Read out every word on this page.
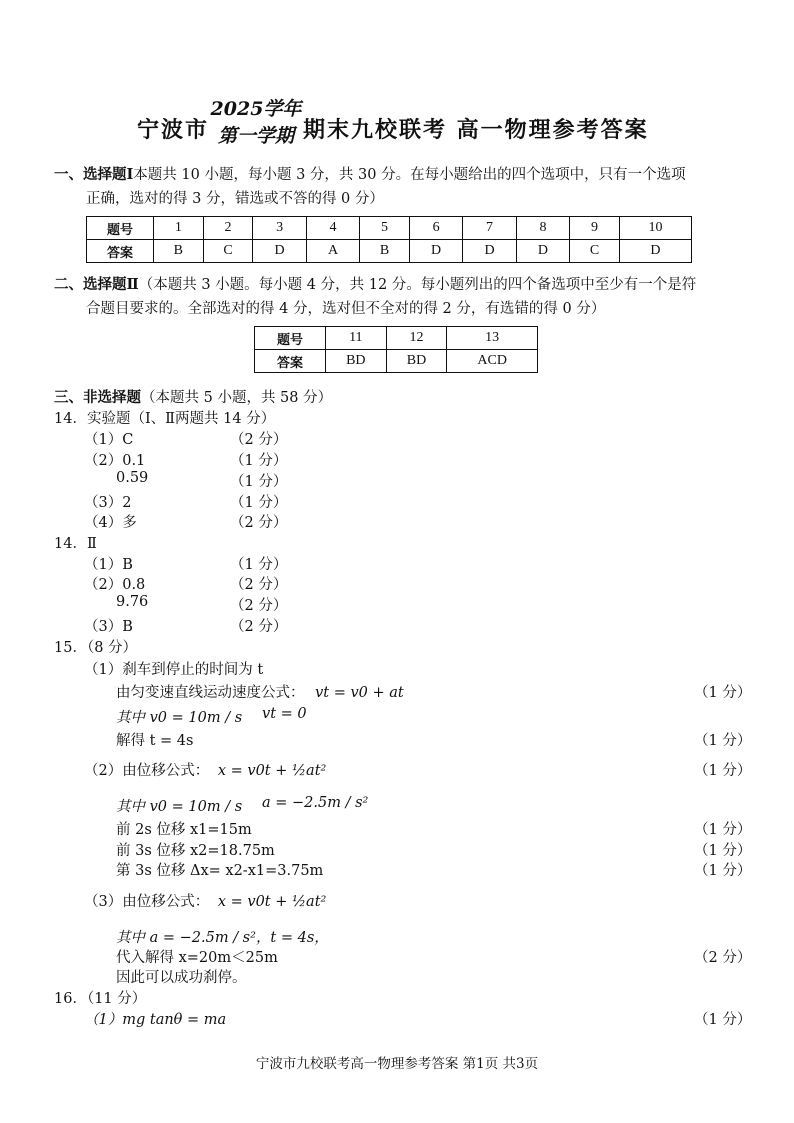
宁波市
2025学年
第一学期 期末九校联考 高一物理参考答案
一、选择题Ⅰ本题共 10 小题，每小题 3 分，共 30 分。在每小题给出的四个选项中，只有一个选项
正确，选对的得 3 分，错选或不答的得 0 分）
题号	1	2	3	4	5	6	7	8	9	10
答案	B	C	D	A	B	D	D	D	C	D
二、选择题Ⅱ（本题共 3 小题。每小题 4 分，共 12 分。每小题列出的四个备选项中至少有一个是符
合题目要求的。全部选对的得 4 分，选对但不全对的得 2 分，有选错的得 0 分）
题号	11	12	13
答案	BD	BD	ACD
三、非选择题（本题共 5 小题，共 58 分）
14．实验题（Ⅰ、Ⅱ两题共 14 分）
（1）C	（2 分）
（2）0.1	（1 分）
0.59	（1 分）
（3）2	（1 分）
（4）多	（2 分）
14．Ⅱ
（1）B	（1 分）
（2）0.8	（2 分）
9.76	（2 分）
（3）B	（2 分）
15．（8 分）
（1）刹车到停止的时间为 t
由匀变速直线运动速度公式： vt = v0 + at	（1 分）
其中 v0 = 10m / s vt = 0
解得 t = 4s	（1 分）
（2）由位移公式： x = v0t + ½at²	（1 分）
其中 v0 = 10m / s a = −2.5m / s²
前 2s 位移 x1=15m	（1 分）
前 3s 位移 x2=18.75m	（1 分）
第 3s 位移 Δx= x2-x1=3.75m	（1 分）
（3）由位移公式： x = v0t + ½at²
其中 a = −2.5m / s²，t = 4s，
代入解得 x=20m＜25m	（2 分）
因此可以成功刹停。
16．（11 分）
（1）mg tanθ = ma	（1 分）
宁波市九校联考高一物理参考答案 第1页 共3页
